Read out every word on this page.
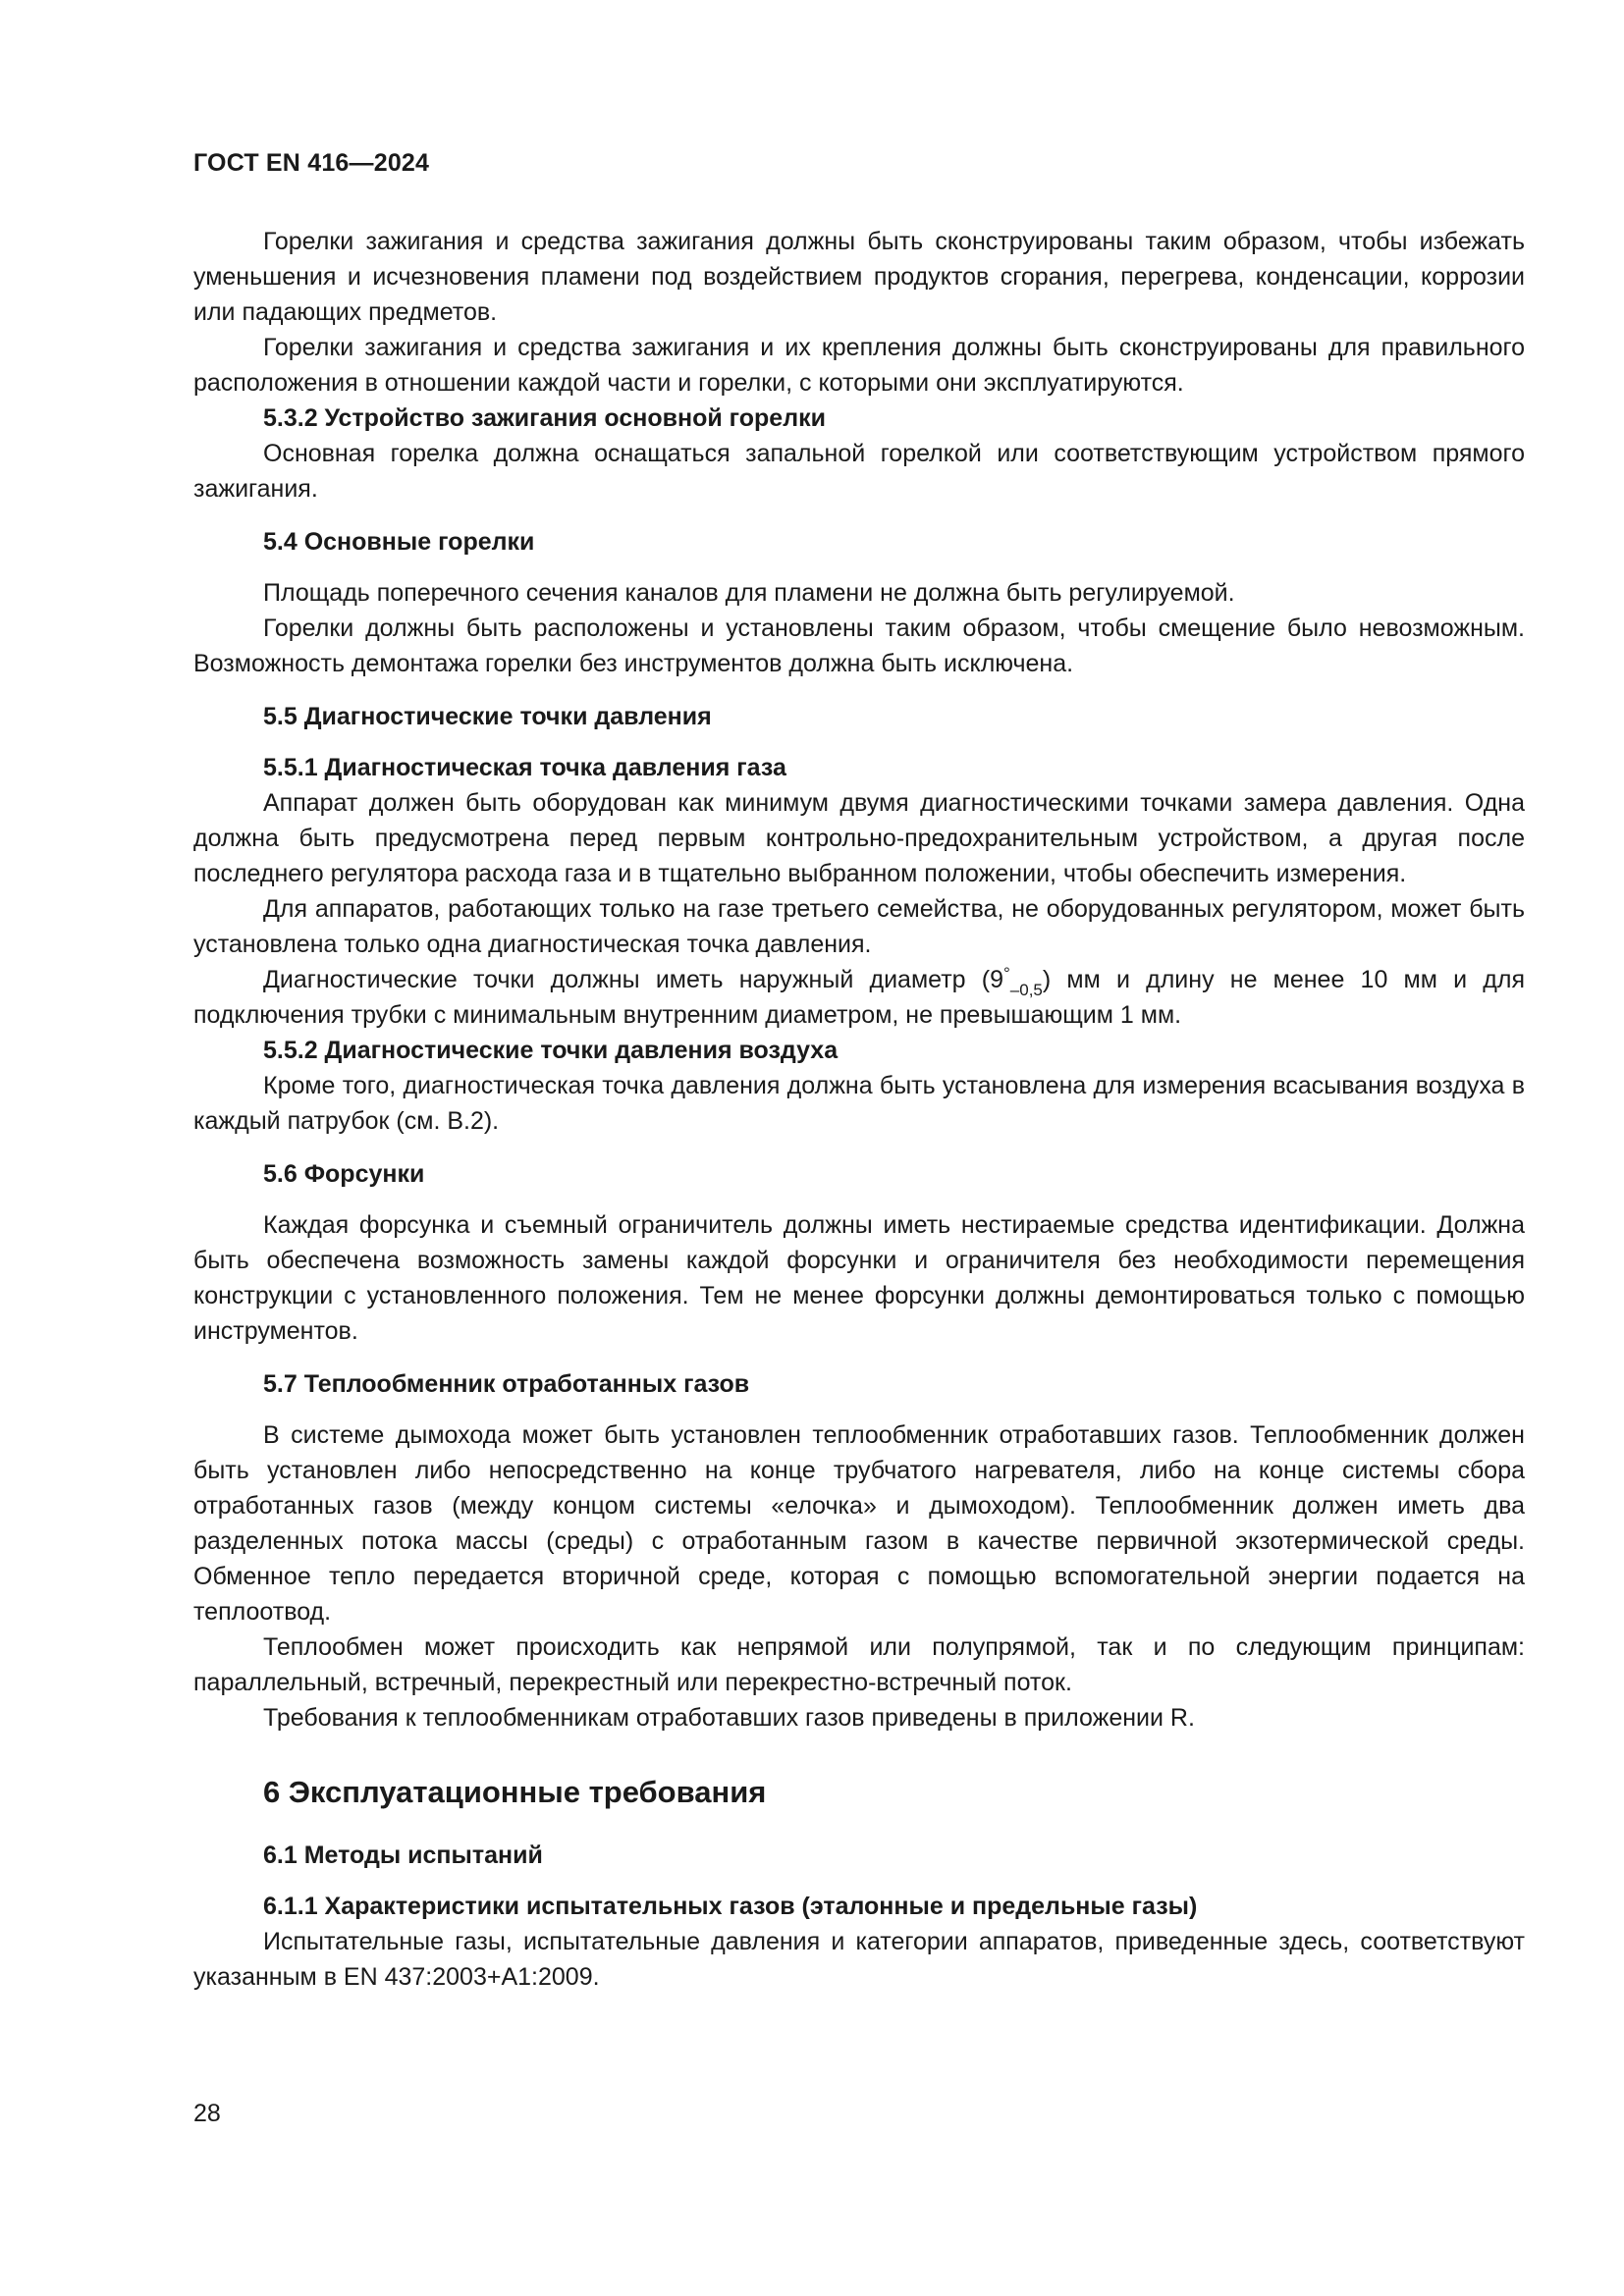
ГОСТ EN 416—2024

Горелки зажигания и средства зажигания должны быть сконструированы таким образом, чтобы избежать уменьшения и исчезновения пламени под воздействием продуктов сгорания, перегрева, конденсации, коррозии или падающих предметов.

Горелки зажигания и средства зажигания и их крепления должны быть сконструированы для правильного расположения в отношении каждой части и горелки, с которыми они эксплуатируются.

5.3.2 Устройство зажигания основной горелки

Основная горелка должна оснащаться запальной горелкой или соответствующим устройством прямого зажигания.

5.4 Основные горелки

Площадь поперечного сечения каналов для пламени не должна быть регулируемой.

Горелки должны быть расположены и установлены таким образом, чтобы смещение было невозможным. Возможность демонтажа горелки без инструментов должна быть исключена.

5.5 Диагностические точки давления
5.5.1 Диагностическая точка давления газа

Аппарат должен быть оборудован как минимум двумя диагностическими точками замера давления. Одна должна быть предусмотрена перед первым контрольно-предохранительным устройством, а другая после последнего регулятора расхода газа и в тщательно выбранном положении, чтобы обеспечить измерения.

Для аппаратов, работающих только на газе третьего семейства, не оборудованных регулятором, может быть установлена только одна диагностическая точка давления.

Диагностические точки должны иметь наружный диаметр $(9^\circ_{-0,5})$ мм и длину не менее 10 мм и для подключения трубки с минимальным внутренним диаметром, не превышающим 1 мм.

5.5.2 Диагностические точки давления воздуха

Кроме того, диагностическая точка давления должна быть установлена для измерения всасывания воздуха в каждый патрубок (см. B.2).

5.6 Форсунки

Каждая форсунка и съемный ограничитель должны иметь нестираемые средства идентификации. Должна быть обеспечена возможность замены каждой форсунки и ограничителя без необходимости перемещения конструкции с установленного положения. Тем не менее форсунки должны демонтироваться только с помощью инструментов.

5.7 Теплообменник отработанных газов

В системе дымохода может быть установлен теплообменник отработавших газов. Теплообменник должен быть установлен либо непосредственно на конце трубчатого нагревателя, либо на конце системы сбора отработанных газов (между концом системы «елочка» и дымоходом). Теплообменник должен иметь два разделенных потока массы (среды) с отработанным газом в качестве первичной экзотермической среды. Обменное тепло передается вторичной среде, которая с помощью вспомогательной энергии подается на теплоотвод.

Теплообмен может происходить как непрямой или полупрямой, так и по следующим принципам: параллельный, встречный, перекрестный или перекрестно-встречный поток.

Требования к теплообменникам отработавших газов приведены в приложении R.

6 Эксплуатационные требования
6.1 Методы испытаний
6.1.1 Характеристики испытательных газов (эталонные и предельные газы)

Испытательные газы, испытательные давления и категории аппаратов, приведенные здесь, соответствуют указанным в EN 437:2003+A1:2009.

28
